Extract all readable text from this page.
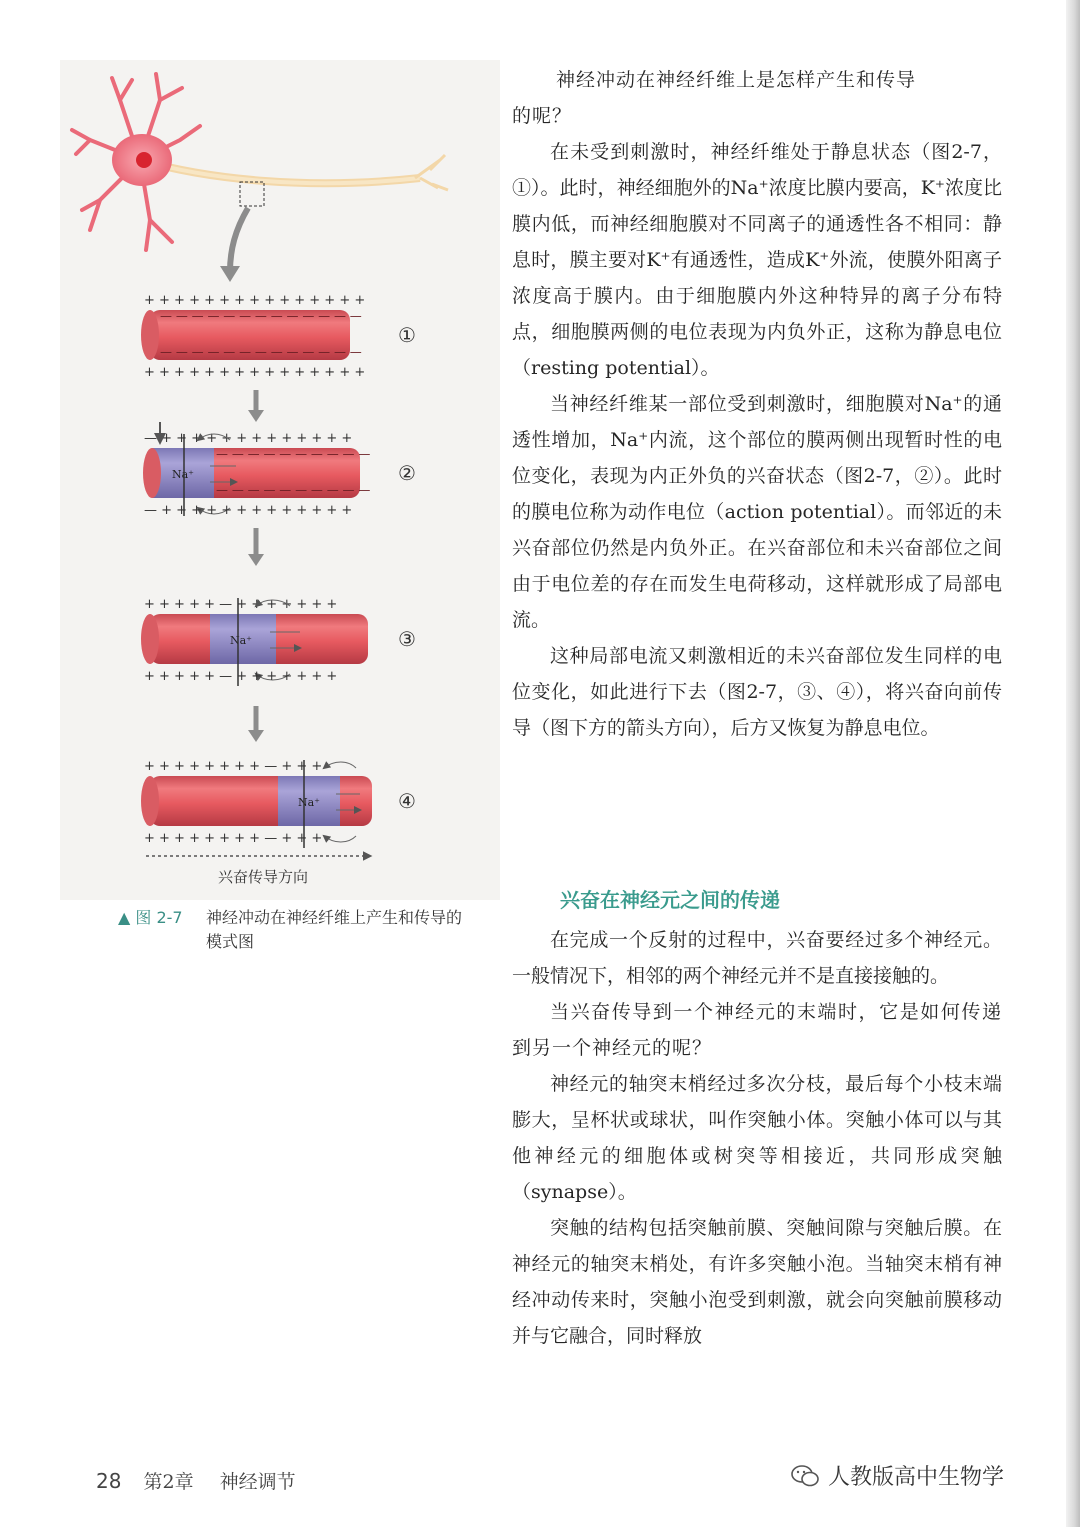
+ + + + + + + + + + + + + + +
— — — — — — — — — — — — —
— — — — — — — — — — — — —
+ + + + + + + + + + + + + + +
①
— + + + + + + + + + + + + +
— — — — — — — — — —
— — — — — — — — — —
Na⁺
— + + + + + + + + + + + + +
②
+ + + + + — + + + + + + +
Na⁺
+ + + + + — + + + + + + +
③
+ + + + + + + + — + + +
Na⁺
+ + + + + + + + — + + +
④
兴奋传导方向
▲ 图 2-7 神经冲动在神经纤维上产生和传导的模式图
神经冲动在神经纤维上是怎样产生和传导
的呢？

在未受到刺激时，神经纤维处于静息状态（图2-7，①）。此时，神经细胞外的Na⁺浓度比膜内要高，K⁺浓度比膜内低，而神经细胞膜对不同离子的通透性各不相同：静息时，膜主要对K⁺有通透性，造成K⁺外流，使膜外阳离子浓度高于膜内。由于细胞膜内外这种特异的离子分布特点，细胞膜两侧的电位表现为内负外正，这称为静息电位（resting potential）。

当神经纤维某一部位受到刺激时，细胞膜对Na⁺的通透性增加，Na⁺内流，这个部位的膜两侧出现暂时性的电位变化，表现为内正外负的兴奋状态（图2-7，②）。此时的膜电位称为动作电位（action potential）。而邻近的未兴奋部位仍然是内负外正。在兴奋部位和未兴奋部位之间由于电位差的存在而发生电荷移动，这样就形成了局部电流。

这种局部电流又刺激相近的未兴奋部位发生同样的电位变化，如此进行下去（图2-7，③、④），将兴奋向前传导（图下方的箭头方向），后方又恢复为静息电位。

兴奋在神经元之间的传递

在完成一个反射的过程中，兴奋要经过多个神经元。一般情况下，相邻的两个神经元并不是直接接触的。

当兴奋传导到一个神经元的末端时，它是如何传递到另一个神经元的呢？

神经元的轴突末梢经过多次分枝，最后每个小枝末端膨大，呈杯状或球状，叫作突触小体。突触小体可以与其他神经元的细胞体或树突等相接近，共同形成突触（synapse）。

突触的结构包括突触前膜、突触间隙与突触后膜。在神经元的轴突末梢处，有许多突触小泡。当轴突末梢有神经冲动传来时，突触小泡受到刺激，就会向突触前膜移动并与它融合，同时释放

28 第2章 神经调节	人教版高中生物学
